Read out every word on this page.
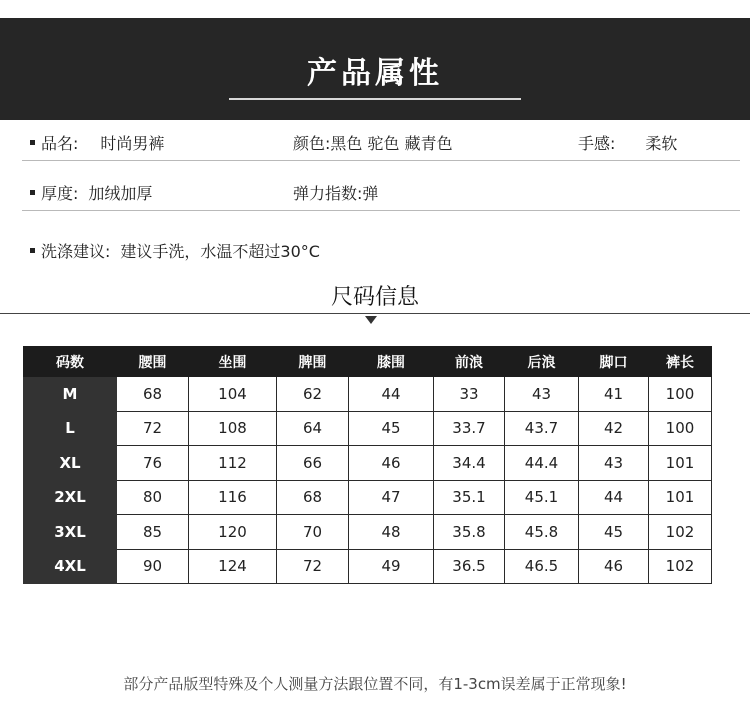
产品属性
品名: 时尚男裤	颜色:黑色 驼色 藏青色	手感: 柔软
厚度: 加绒加厚	弹力指数:弹
洗涤建议: 建议手洗，水温不超过30°C
尺码信息
码数	腰围	坐围	脾围	膝围	前浪	后浪	脚口	裤长
M	68	104	62	44	33	43	41	100
L	72	108	64	45	33.7	43.7	42	100
XL	76	112	66	46	34.4	44.4	43	101
2XL	80	116	68	47	35.1	45.1	44	101
3XL	85	120	70	48	35.8	45.8	45	102
4XL	90	124	72	49	36.5	46.5	46	102
部分产品版型特殊及个人测量方法跟位置不同，有1-3cm误差属于正常现象!
